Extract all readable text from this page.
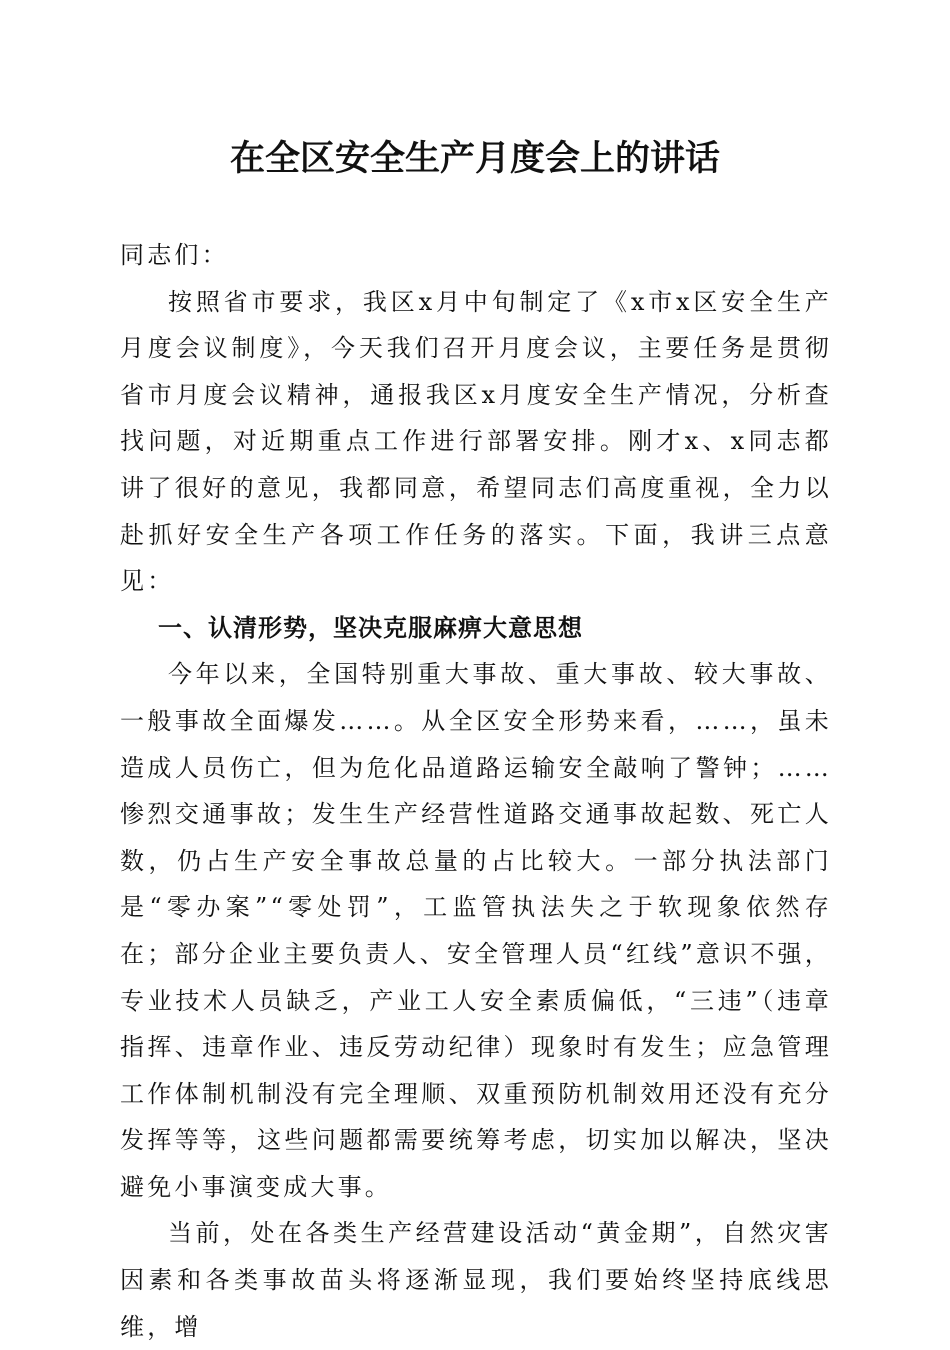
在全区安全生产月度会上的讲话

同志们：

按照省市要求，我区x月中旬制定了《x市x区安全生产月度会议制度》，今天我们召开月度会议，主要任务是贯彻省市月度会议精神，通报我区x月度安全生产情况，分析查找问题，对近期重点工作进行部署安排。刚才x、x同志都讲了很好的意见，我都同意，希望同志们高度重视，全力以赴抓好安全生产各项工作任务的落实。下面，我讲三点意见：

一、认清形势，坚决克服麻痹大意思想

今年以来，全国特别重大事故、重大事故、较大事故、一般事故全面爆发……。从全区安全形势来看，……，虽未造成人员伤亡，但为危化品道路运输安全敲响了警钟；……惨烈交通事故；发生生产经营性道路交通事故起数、死亡人数，仍占生产安全事故总量的占比较大。一部分执法部门是“零办案”“零处罚”，工监管执法失之于软现象依然存在；部分企业主要负责人、安全管理人员“红线”意识不强，专业技术人员缺乏，产业工人安全素质偏低，“三违”（违章指挥、违章作业、违反劳动纪律）现象时有发生；应急管理工作体制机制没有完全理顺、双重预防机制效用还没有充分发挥等等，这些问题都需要统筹考虑，切实加以解决，坚决避免小事演变成大事。

当前，处在各类生产经营建设活动“黄金期”，自然灾害因素和各类事故苗头将逐渐显现，我们要始终坚持底线思维，增
